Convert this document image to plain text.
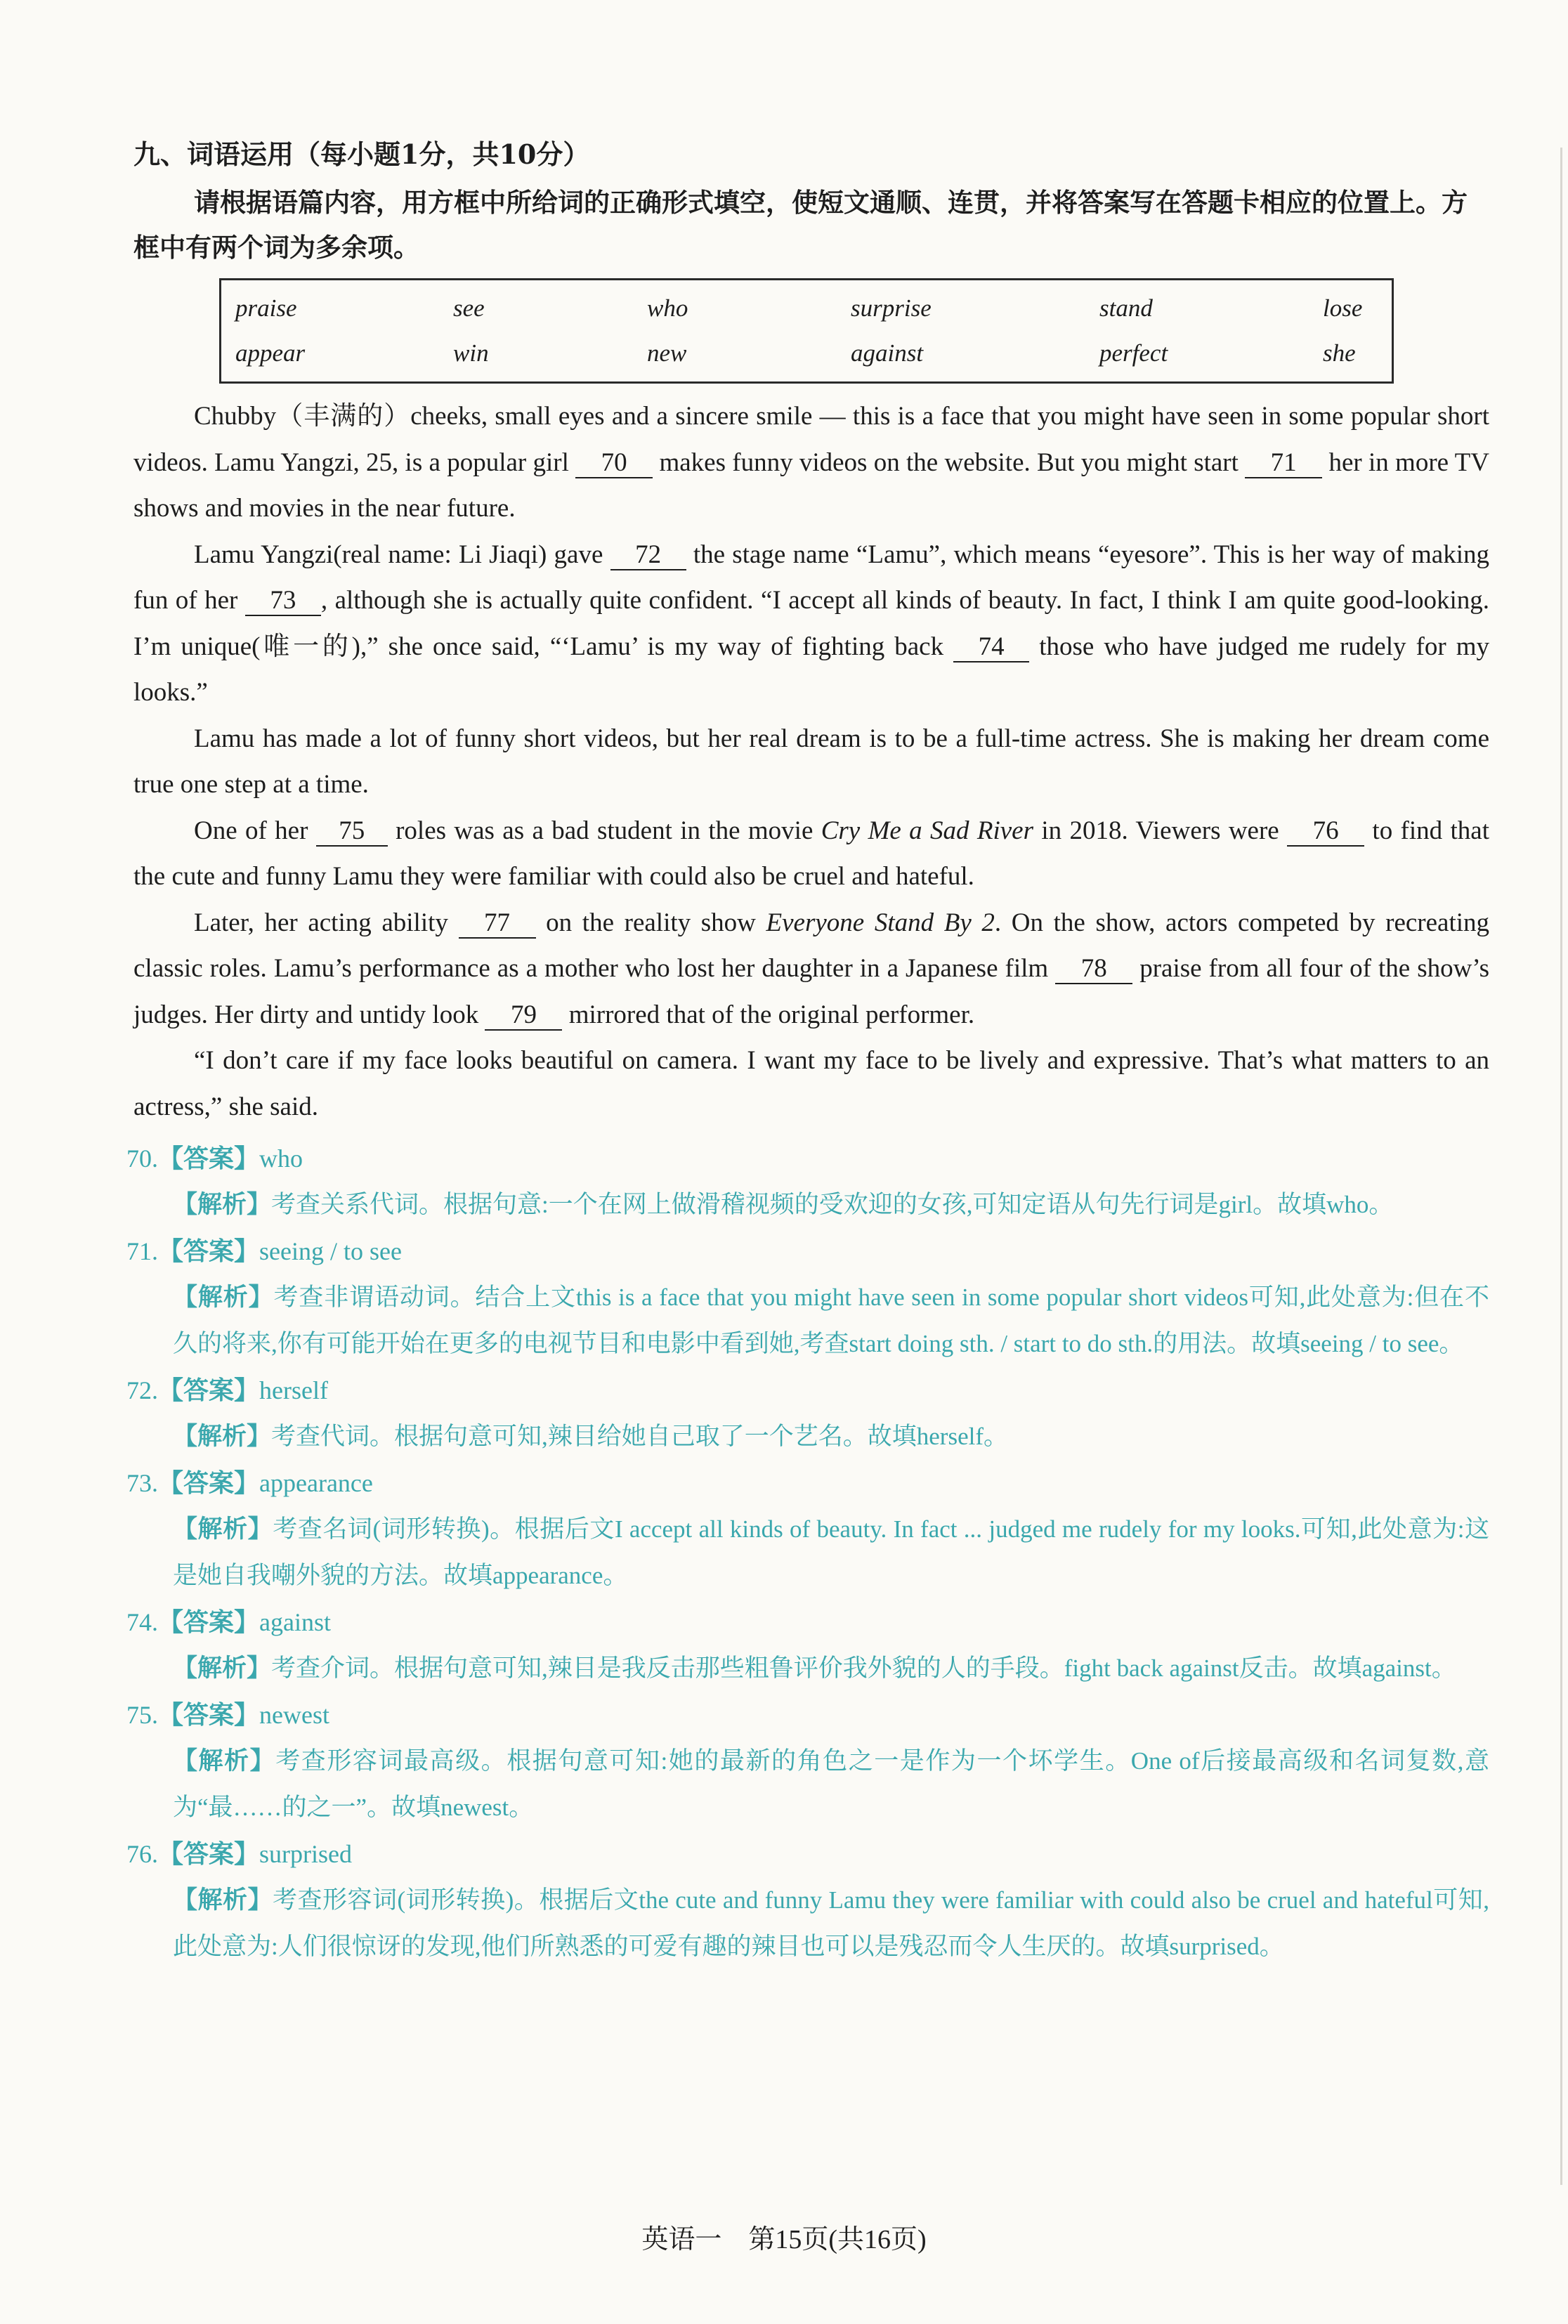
九、词语运用（每小题1分，共10分）

请根据语篇内容，用方框中所给词的正确形式填空，使短文通顺、连贯，并将答案写在答题卡相应的位置上。方框中有两个词为多余项。

praise	see	who	surprise	stand	lose
appear	win	new	against	perfect	she

Chubby（丰满的）cheeks, small eyes and a sincere smile — this is a face that you might have seen in some popular short videos. Lamu Yangzi, 25, is a popular girl 70 makes funny videos on the website. But you might start 71 her in more TV shows and movies in the near future.

Lamu Yangzi(real name: Li Jiaqi) gave 72 the stage name “Lamu”, which means “eyesore”. This is her way of making fun of her 73 , although she is actually quite confident. “I accept all kinds of beauty. In fact, I think I am quite good-looking. I’m unique(唯一的),” she once said, “‘Lamu’ is my way of fighting back 74 those who have judged me rudely for my looks.”

Lamu has made a lot of funny short videos, but her real dream is to be a full-time actress. She is making her dream come true one step at a time.

One of her 75 roles was as a bad student in the movie Cry Me a Sad River in 2018. Viewers were 76 to find that the cute and funny Lamu they were familiar with could also be cruel and hateful.

Later, her acting ability 77 on the reality show Everyone Stand By 2. On the show, actors competed by recreating classic roles. Lamu’s performance as a mother who lost her daughter in a Japanese film 78 praise from all four of the show’s judges. Her dirty and untidy look 79 mirrored that of the original performer.

“I don’t care if my face looks beautiful on camera. I want my face to be lively and expressive. That’s what matters to an actress,” she said.

70.【答案】who
【解析】考查关系代词。根据句意:一个在网上做滑稽视频的受欢迎的女孩,可知定语从句先行词是girl。故填who。
71.【答案】seeing / to see
【解析】考查非谓语动词。结合上文this is a face that you might have seen in some popular short videos可知,此处意为:但在不久的将来,你有可能开始在更多的电视节目和电影中看到她,考查start doing sth. / start to do sth.的用法。故填seeing / to see。
72.【答案】herself
【解析】考查代词。根据句意可知,辣目给她自己取了一个艺名。故填herself。
73.【答案】appearance
【解析】考查名词(词形转换)。根据后文I accept all kinds of beauty. In fact ... judged me rudely for my looks.可知,此处意为:这是她自我嘲外貌的方法。故填appearance。
74.【答案】against
【解析】考查介词。根据句意可知,辣目是我反击那些粗鲁评价我外貌的人的手段。fight back against反击。故填against。
75.【答案】newest
【解析】考查形容词最高级。根据句意可知:她的最新的角色之一是作为一个坏学生。One of后接最高级和名词复数,意为“最……的之一”。故填newest。
76.【答案】surprised
【解析】考查形容词(词形转换)。根据后文the cute and funny Lamu they were familiar with could also be cruel and hateful可知,此处意为:人们很惊讶的发现,他们所熟悉的可爱有趣的辣目也可以是残忍而令人生厌的。故填surprised。
英语一　第15页(共16页)
